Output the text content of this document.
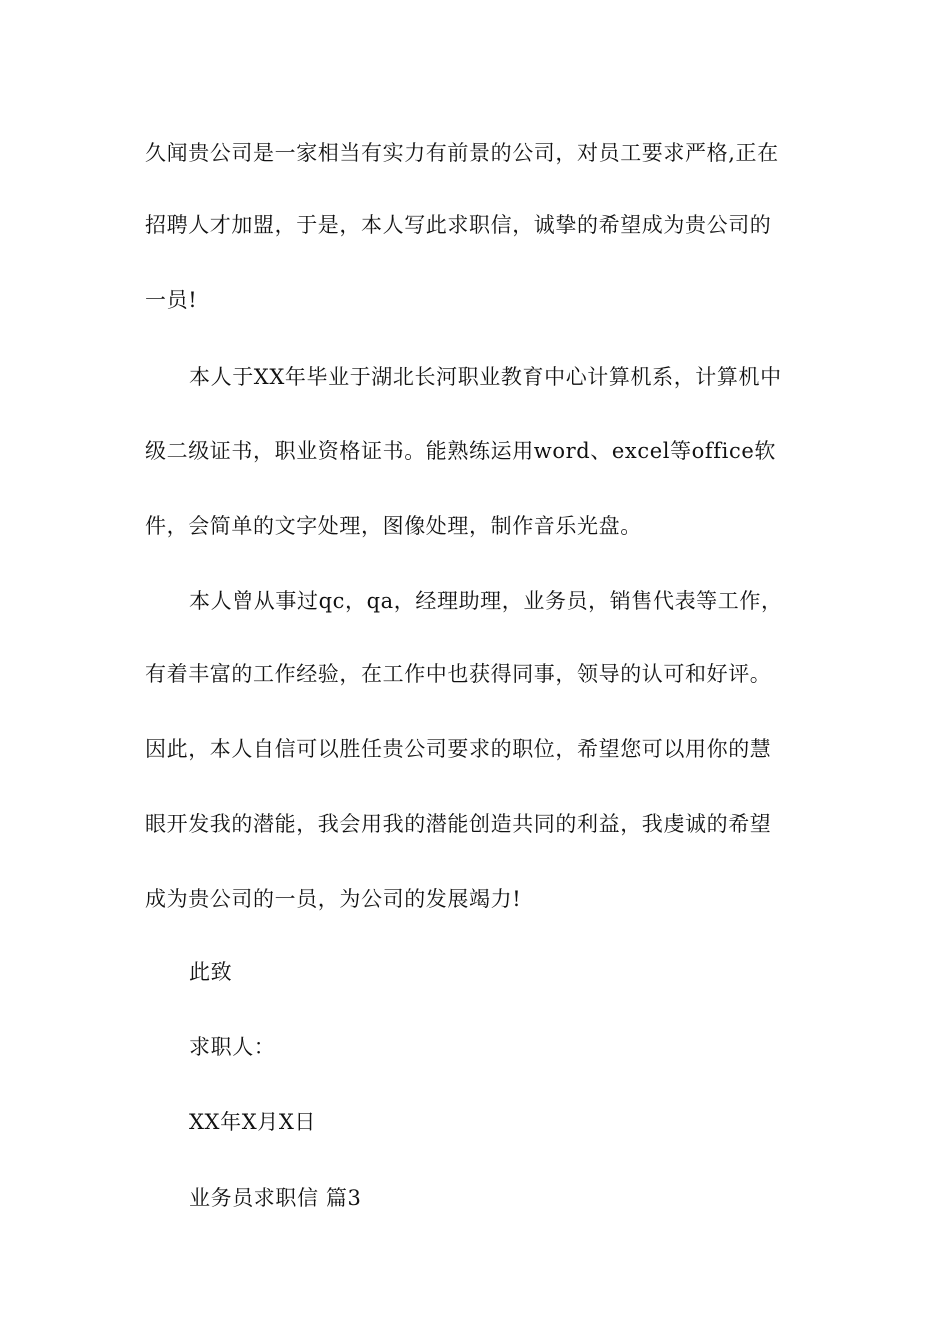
久闻贵公司是一家相当有实力有前景的公司，对员工要求严格,正在
招聘人才加盟，于是，本人写此求职信，诚挚的希望成为贵公司的
一员!
本人于XX年毕业于湖北长河职业教育中心计算机系，计算机中
级二级证书，职业资格证书。能熟练运用word、excel等office软
件，会简单的文字处理，图像处理，制作音乐光盘。
本人曾从事过qc，qa，经理助理，业务员，销售代表等工作，
有着丰富的工作经验，在工作中也获得同事，领导的认可和好评。
因此，本人自信可以胜任贵公司要求的职位，希望您可以用你的慧
眼开发我的潜能，我会用我的潜能创造共同的利益，我虔诚的希望
成为贵公司的一员，为公司的发展竭力!
此致
求职人：
XX年X月X日
业务员求职信 篇3
